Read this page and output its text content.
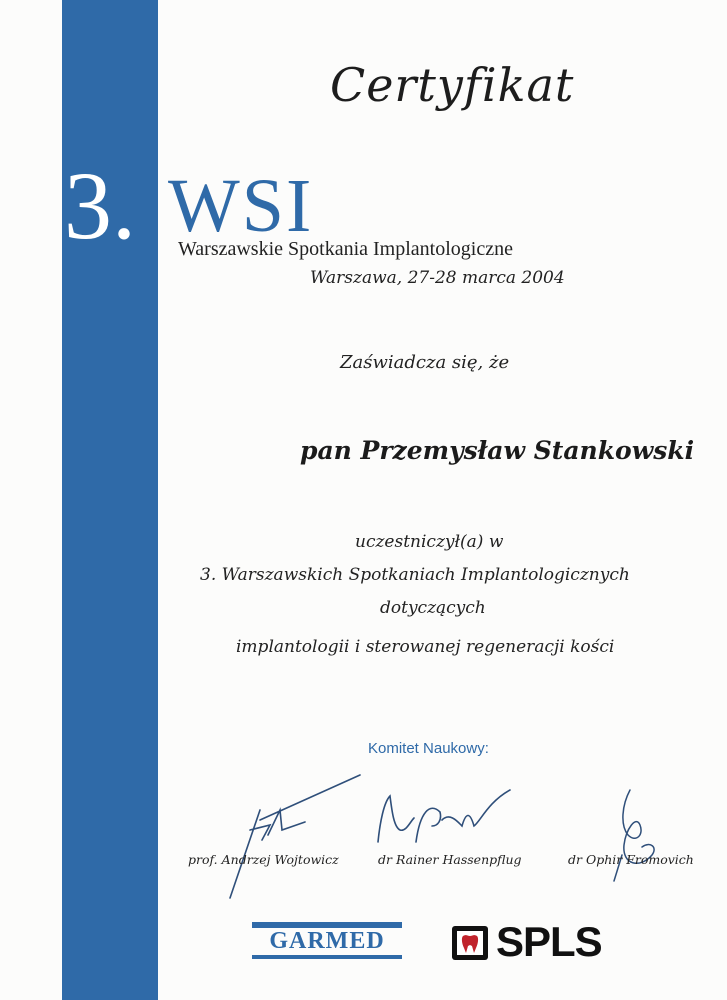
Certyfikat
3. WSI
Warszawskie Spotkania Implantologiczne
Warszawa, 27-28 marca 2004
Zaświadcza się, że
pan Przemysław Stankowski
uczestniczył(a) w
3. Warszawskich Spotkaniach Implantologicznych
dotyczących
implantologii i sterowanej regeneracji kości
Komitet Naukowy:
prof. Andrzej Wojtowicz	dr Rainer Hassenpflug	dr Ophir Fromovich
GARMED	SPLS
